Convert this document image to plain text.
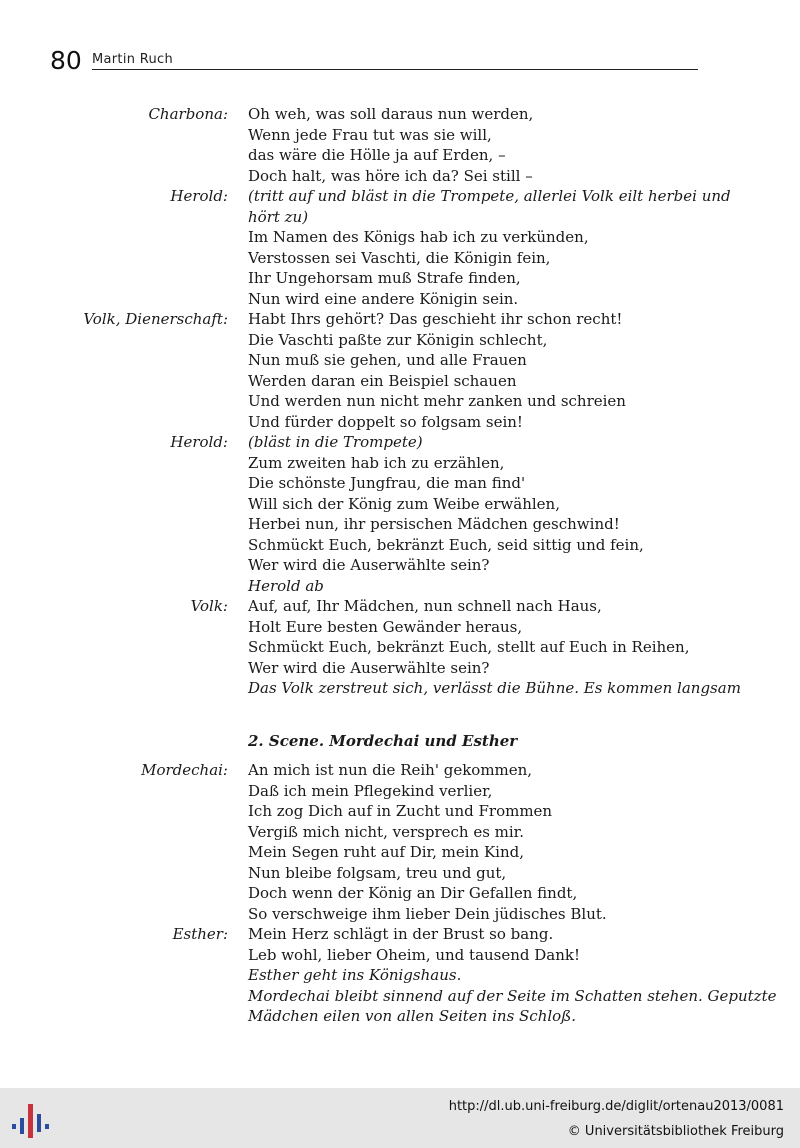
80 Martin Ruch
Charbona: Oh weh, was soll daraus nun werden,
Wenn jede Frau tut was sie will,
das wäre die Hölle ja auf Erden, –
Doch halt, was höre ich da? Sei still –
Herold: (tritt auf und bläst in die Trompete, allerlei Volk eilt herbei und
hört zu)
Im Namen des Königs hab ich zu verkünden,
Verstossen sei Vaschti, die Königin fein,
Ihr Ungehorsam muß Strafe finden,
Nun wird eine andere Königin sein.
Volk, Dienerschaft: Habt Ihrs gehört? Das geschieht ihr schon recht!
Die Vaschti paßte zur Königin schlecht,
Nun muß sie gehen, und alle Frauen
Werden daran ein Beispiel schauen
Und werden nun nicht mehr zanken und schreien
Und fürder doppelt so folgsam sein!
Herold: (bläst in die Trompete)
Zum zweiten hab ich zu erzählen,
Die schönste Jungfrau, die man find'
Will sich der König zum Weibe erwählen,
Herbei nun, ihr persischen Mädchen geschwind!
Schmückt Euch, bekränzt Euch, seid sittig und fein,
Wer wird die Auserwählte sein?
Herold ab
Volk: Auf, auf, Ihr Mädchen, nun schnell nach Haus,
Holt Eure besten Gewänder heraus,
Schmückt Euch, bekränzt Euch, stellt auf Euch in Reihen,
Wer wird die Auserwählte sein?
Das Volk zerstreut sich, verlässt die Bühne. Es kommen langsam
2. Scene. Mordechai und Esther
Mordechai: An mich ist nun die Reih' gekommen,
Daß ich mein Pflegekind verlier,
Ich zog Dich auf in Zucht und Frommen
Vergiß mich nicht, versprech es mir.
Mein Segen ruht auf Dir, mein Kind,
Nun bleibe folgsam, treu und gut,
Doch wenn der König an Dir Gefallen findt,
So verschweige ihm lieber Dein jüdisches Blut.
Esther: Mein Herz schlägt in der Brust so bang.
Leb wohl, lieber Oheim, und tausend Dank!
Esther geht ins Königshaus.
Mordechai bleibt sinnend auf der Seite im Schatten stehen. Geputzte
Mädchen eilen von allen Seiten ins Schloß.
http://dl.ub.uni-freiburg.de/diglit/ortenau2013/0081
© Universitätsbibliothek Freiburg
